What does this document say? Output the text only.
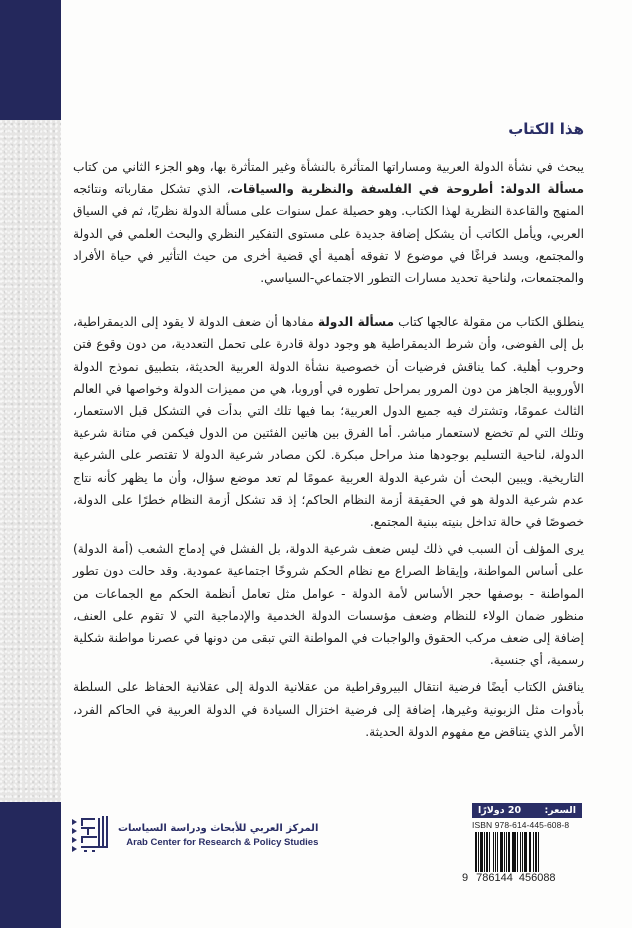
هذا الكتاب

يبحث في نشأة الدولة العربية ومساراتها المتأثرة بالنشأة وغير المتأثرة بها، وهو الجزء الثاني من كتاب مسألة الدولة: أطروحة في الفلسفة والنظرية والسياقات، الذي تشكل مقارباته ونتائجه المنهج والقاعدة النظرية لهذا الكتاب. وهو حصيلة عمل سنوات على مسألة الدولة نظريًا، ثم في السياق العربي، ويأمل الكاتب أن يشكل إضافة جديدة على مستوى التفكير النظري والبحث العلمي في الدولة والمجتمع، ويسد فراغًا في موضوع لا تفوقه أهمية أي قضية أخرى من حيث التأثير في حياة الأفراد والمجتمعات، ولناحية تحديد مسارات التطور الاجتماعي-السياسي.

ينطلق الكتاب من مقولة عالجها كتاب مسألة الدولة مفادها أن ضعف الدولة لا يقود إلى الديمقراطية، بل إلى الفوضى، وأن شرط الديمقراطية هو وجود دولة قادرة على تحمل التعددية، من دون وقوع فتن وحروب أهلية. كما يناقش فرضيات أن خصوصية نشأة الدولة العربية الحديثة، بتطبيق نموذج الدولة الأوروبية الجاهز من دون المرور بمراحل تطوره في أوروبا، هي من مميزات الدولة وخواصها في العالم الثالث عمومًا، وتشترك فيه جميع الدول العربية؛ بما فيها تلك التي بدأت في التشكل قبل الاستعمار، وتلك التي لم تخضع لاستعمار مباشر. أما الفرق بين هاتين الفئتين من الدول فيكمن في متانة شرعية الدولة، لناحية التسليم بوجودها منذ مراحل مبكرة. لكن مصادر شرعية الدولة لا تقتصر على الشرعية التاريخية. ويبين البحث أن شرعية الدولة العربية عمومًا لم تعد موضع سؤال، وأن ما يظهر كأنه نتاج عدم شرعية الدولة هو في الحقيقة أزمة النظام الحاكم؛ إذ قد تشكل أزمة النظام خطرًا على الدولة، خصوصًا في حالة تداخل بنيته ببنية المجتمع.

يرى المؤلف أن السبب في ذلك ليس ضعف شرعية الدولة، بل الفشل في إدماج الشعب (أمة الدولة) على أساس المواطنة، وإيقاظ الصراع مع نظام الحكم شروخًا اجتماعية عمودية. وقد حالت دون تطور المواطنة - بوصفها حجر الأساس لأمة الدولة - عوامل مثل تعامل أنظمة الحكم مع الجماعات من منظور ضمان الولاء للنظام وضعف مؤسسات الدولة الخدمية والإدماجية التي لا تقوم على العنف، إضافة إلى ضعف مركب الحقوق والواجبات في المواطنة التي تبقى من دونها في عصرنا مواطنة شكلية رسمية، أي جنسية.

يناقش الكتاب أيضًا فرضية انتقال البيروقراطية من عقلانية الدولة إلى عقلانية الحفاظ على السلطة بأدوات مثل الزبونية وغيرها، إضافة إلى فرضية اختزال السيادة في الدولة العربية في الحاكم الفرد، الأمر الذي يتناقض مع مفهوم الدولة الحديثة.

السعر:
20 دولارًا
ISBN 978-614-445-608-8
9 786144 456088
المركز العربي للأبحاث ودراسة السياسات
Arab Center for Research & Policy Studies
